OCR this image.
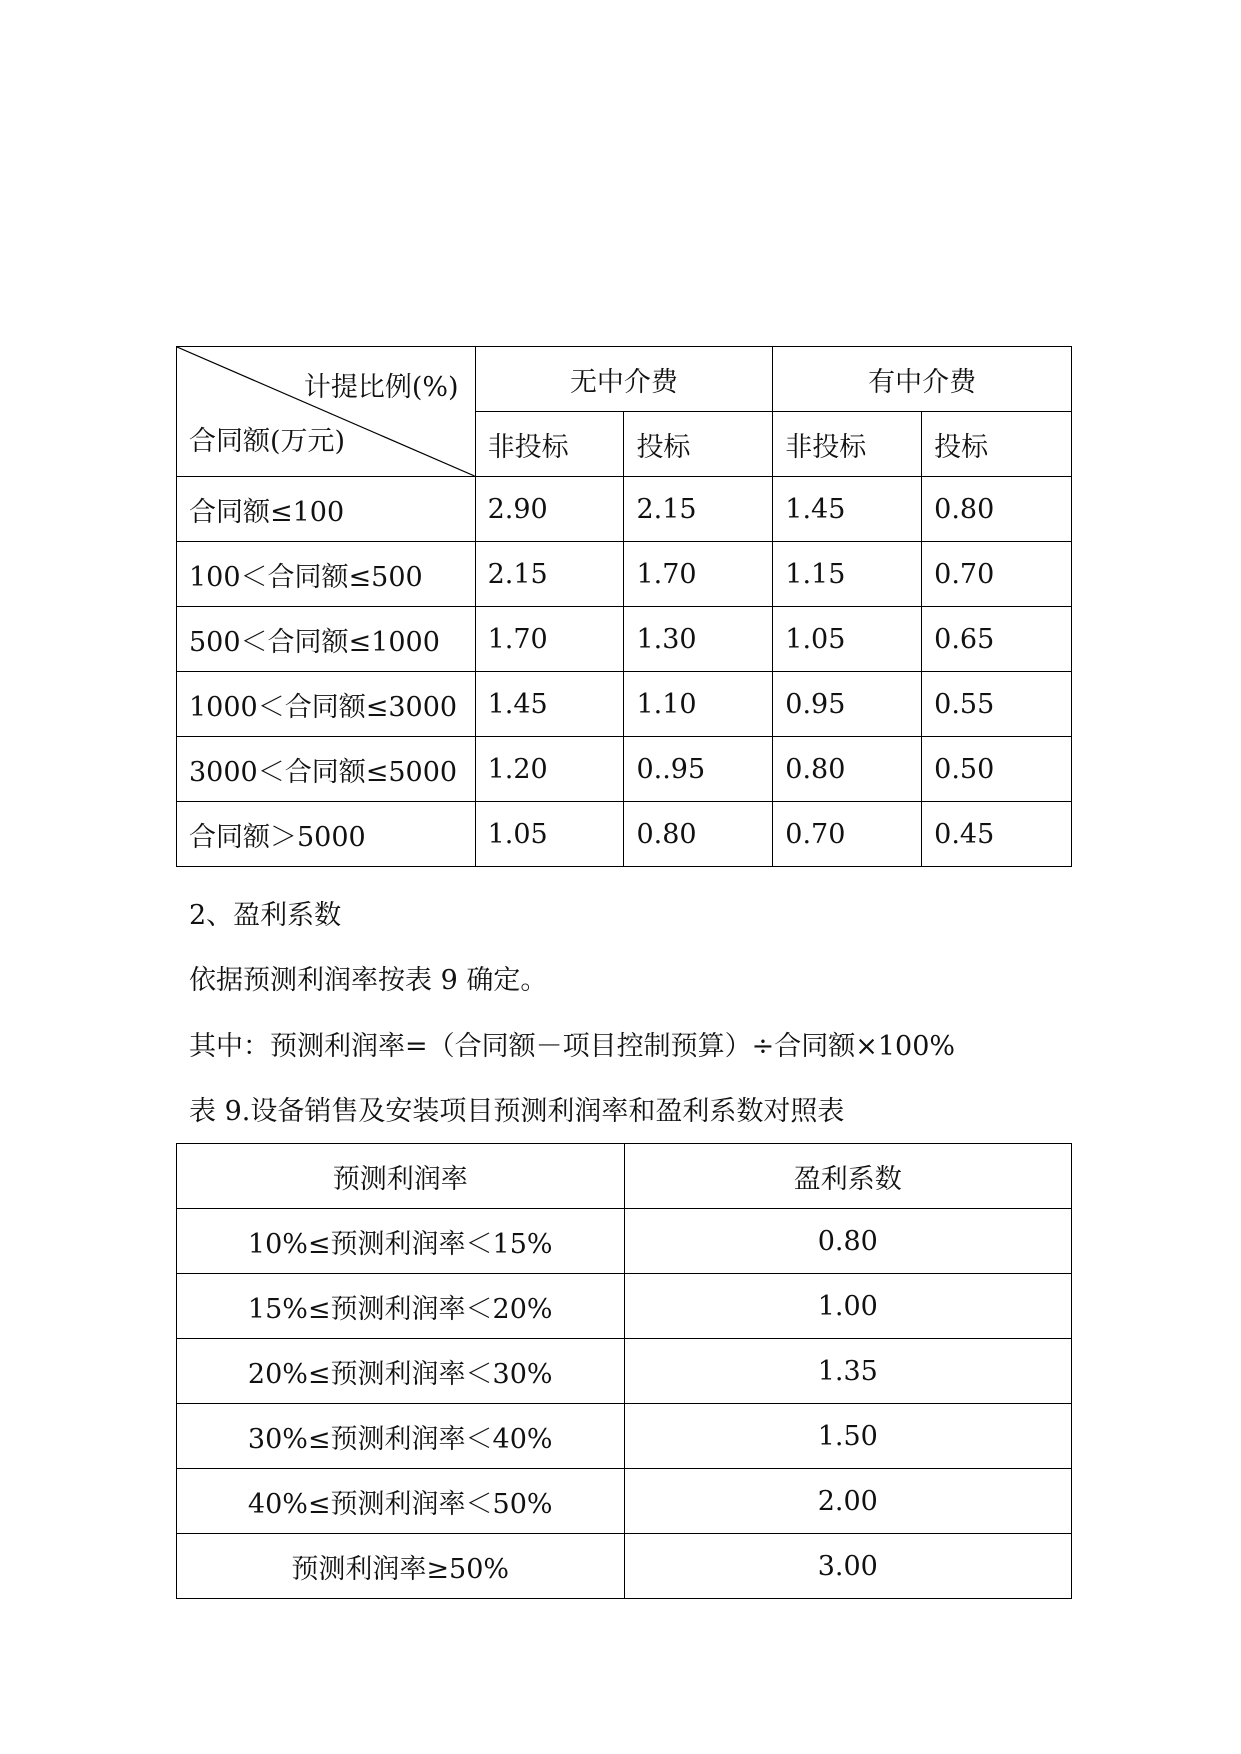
计提比例(%)
合同额(万元)	无中介费		有中介费	
	非投标	投标	非投标	投标
合同额≤100	2.90	2.15	1.45	0.80
100＜合同额≤500	2.15	1.70	1.15	0.70
500＜合同额≤1000	1.70	1.30	1.05	0.65
1000＜合同额≤3000	1.45	1.10	0.95	0.55
3000＜合同额≤5000	1.20	0..95	0.80	0.50
合同额＞5000	1.05	0.80	0.70	0.45
2、盈利系数
依据预测利润率按表 9 确定。
其中：预测利润率=（合同额－项目控制预算）÷合同额×100%
表 9.设备销售及安装项目预测利润率和盈利系数对照表
预测利润率	盈利系数
10%≤预测利润率＜15%	0.80
15%≤预测利润率＜20%	1.00
20%≤预测利润率＜30%	1.35
30%≤预测利润率＜40%	1.50
40%≤预测利润率＜50%	2.00
预测利润率≥50%	3.00
